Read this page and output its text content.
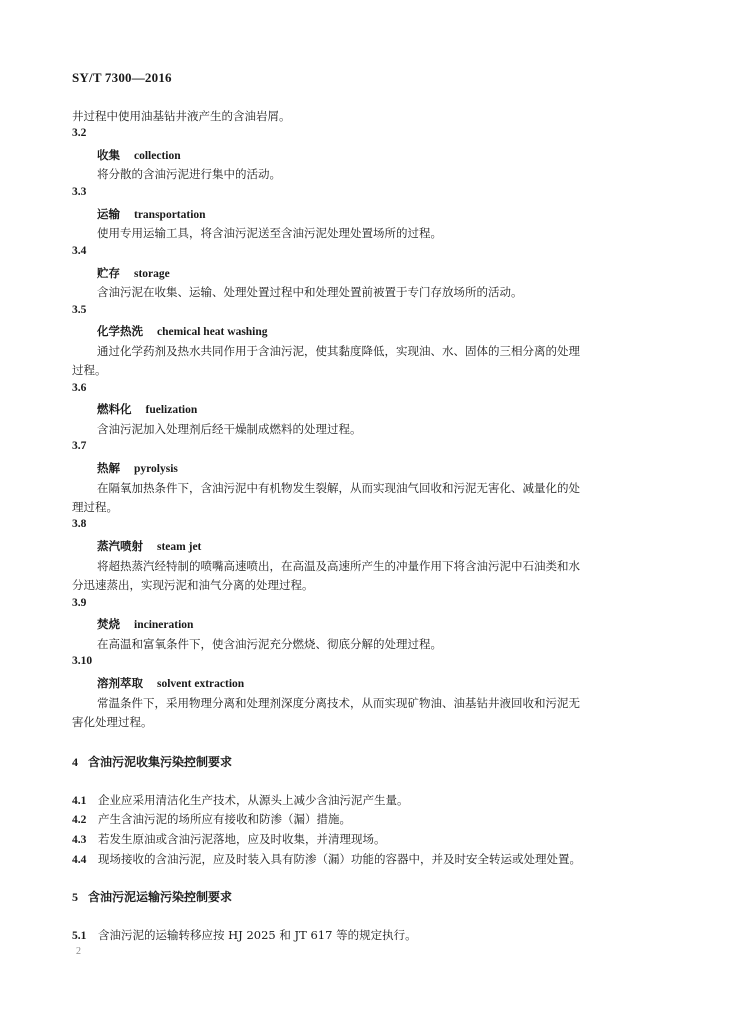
SY/T 7300—2016
井过程中使用油基钻井液产生的含油岩屑。
3.2
收集 collection
将分散的含油污泥进行集中的活动。
3.3
运输 transportation
使用专用运输工具，将含油污泥送至含油污泥处理处置场所的过程。
3.4
贮存 storage
含油污泥在收集、运输、处理处置过程中和处理处置前被置于专门存放场所的活动。
3.5
化学热洗 chemical heat washing
通过化学药剂及热水共同作用于含油污泥，使其黏度降低，实现油、水、固体的三相分离的处理
过程。
3.6
燃料化 fuelization
含油污泥加入处理剂后经干燥制成燃料的处理过程。
3.7
热解 pyrolysis
在隔氧加热条件下，含油污泥中有机物发生裂解，从而实现油气回收和污泥无害化、减量化的处
理过程。
3.8
蒸汽喷射 steam jet
将超热蒸汽经特制的喷嘴高速喷出，在高温及高速所产生的冲量作用下将含油污泥中石油类和水
分迅速蒸出，实现污泥和油气分离的处理过程。
3.9
焚烧 incineration
在高温和富氧条件下，使含油污泥充分燃烧、彻底分解的处理过程。
3.10
溶剂萃取 solvent extraction
常温条件下，采用物理分离和处理剂深度分离技术，从而实现矿物油、油基钻井液回收和污泥无
害化处理过程。
4 含油污泥收集污染控制要求
4.1 企业应采用清洁化生产技术，从源头上减少含油污泥产生量。
4.2 产生含油污泥的场所应有接收和防渗（漏）措施。
4.3 若发生原油或含油污泥落地，应及时收集，并清理现场。
4.4 现场接收的含油污泥，应及时装入具有防渗（漏）功能的容器中，并及时安全转运或处理处置。
5 含油污泥运输污染控制要求
5.1 含油污泥的运输转移应按 HJ 2025 和 JT 617 等的规定执行。
2
